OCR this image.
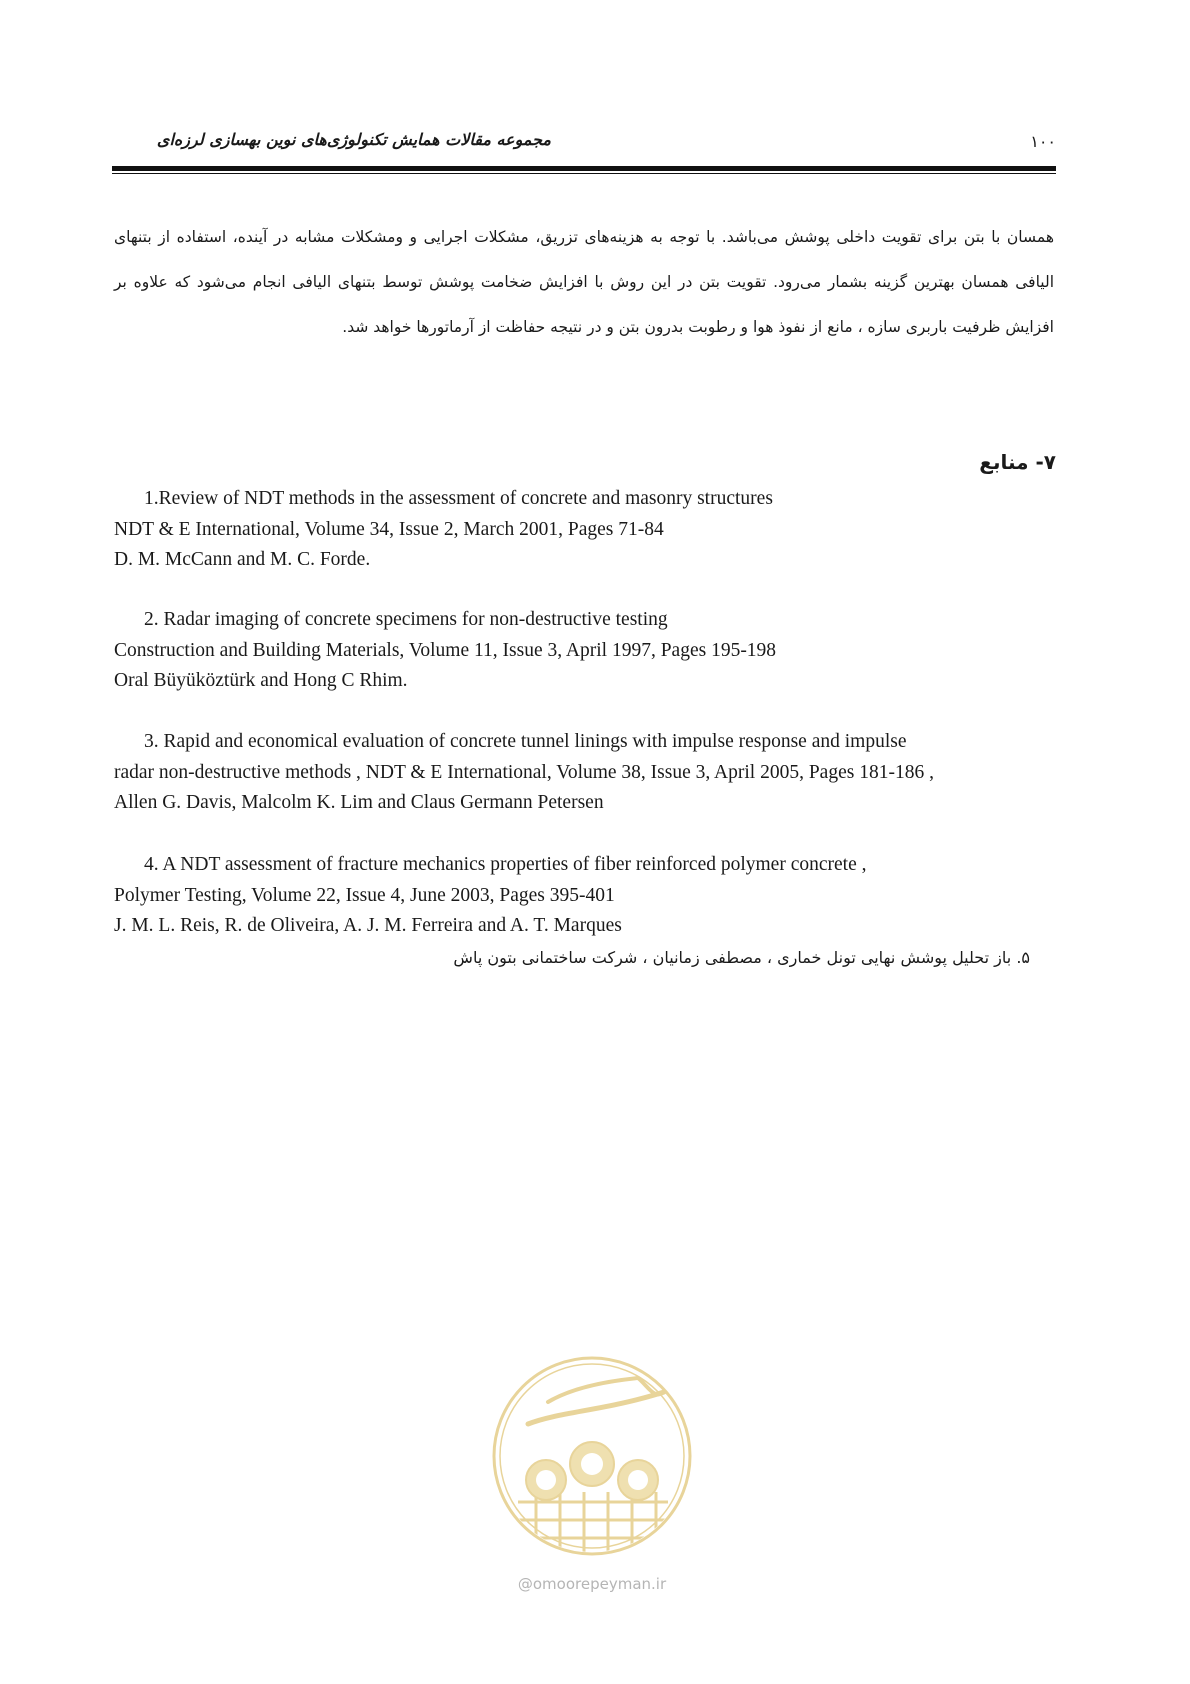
مجموعه مقالات همایش تکنولوژی‌های نوین بهسازی لرزه‌ای	۱۰۰

همسان با بتن برای تقویت داخلی پوشش می‌باشد. با توجه به هزینه‌های تزریق، مشکلات اجرایی و ومشکلات مشابه در آینده، استفاده از بتنهای الیافی همسان بهترین گزینه بشمار می‌رود. تقویت بتن در این روش با افزایش ضخامت پوشش توسط بتنهای الیافی انجام می‌شود که علاوه بر افزایش ظرفیت باربری سازه ، مانع از نفوذ هوا و رطوبت بدرون بتن و در نتیجه حفاظت از آرماتورها خواهد شد.

۷- منابع
1.Review of NDT methods in the assessment of concrete and masonry structures
NDT & E International, Volume 34, Issue 2, March 2001, Pages 71-84
D. M. McCann and M. C. Forde.
2. Radar imaging of concrete specimens for non-destructive testing
Construction and Building Materials, Volume 11, Issue 3, April 1997, Pages 195-198
Oral Büyüköztürk and Hong C Rhim.
3. Rapid and economical evaluation of concrete tunnel linings with impulse response and impulse
radar non-destructive methods , NDT & E International, Volume 38, Issue 3, April 2005, Pages 181-186 ,
Allen G. Davis, Malcolm K. Lim and Claus Germann Petersen
4. A NDT assessment of fracture mechanics properties of fiber reinforced polymer concrete ,
Polymer Testing, Volume 22, Issue 4, June 2003, Pages 395-401
J. M. L. Reis, R. de Oliveira, A. J. M. Ferreira and A. T. Marques

۵. باز تحلیل پوشش نهایی تونل خماری ، مصطفی زمانیان ، شرکت ساختمانی بتون پاش

@omoorepeyman.ir
